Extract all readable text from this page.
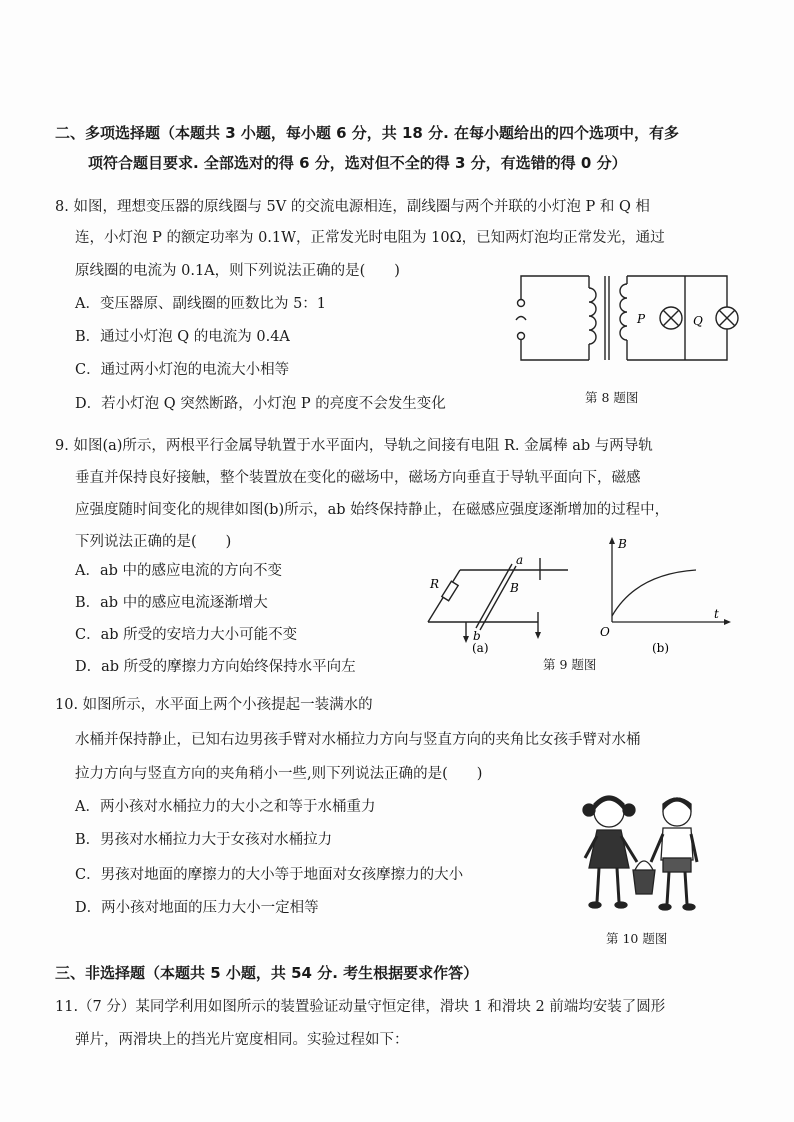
二、多项选择题（本题共 3 小题，每小题 6 分，共 18 分. 在每小题给出的四个选项中，有多
项符合题目要求. 全部选对的得 6 分，选对但不全的得 3 分，有选错的得 0 分）
8. 如图，理想变压器的原线圈与 5V 的交流电源相连，副线圈与两个并联的小灯泡 P 和 Q 相
连，小灯泡 P 的额定功率为 0.1W，正常发光时电阻为 10Ω，已知两灯泡均正常发光，通过
原线圈的电流为 0.1A，则下列说法正确的是(　　)
A．变压器原、副线圈的匝数比为 5：1
B．通过小灯泡 Q 的电流为 0.4A
C．通过两小灯泡的电流大小相等
D．若小灯泡 Q 突然断路，小灯泡 P 的亮度不会发生变化
P	Q
第 8 题图
9. 如图(a)所示，两根平行金属导轨置于水平面内，导轨之间接有电阻 R. 金属棒 ab 与两导轨
垂直并保持良好接触，整个装置放在变化的磁场中，磁场方向垂直于导轨平面向下，磁感
应强度随时间变化的规律如图(b)所示，ab 始终保持静止，在磁感应强度逐渐增加的过程中，
下列说法正确的是(　　)
A．ab 中的感应电流的方向不变
B．ab 中的感应电流逐渐增大
C．ab 所受的安培力大小可能不变
D．ab 所受的摩擦力方向始终保持水平向左
R
a
b
B
(a)
B
t
O
(b)
第 9 题图
10. 如图所示，水平面上两个小孩提起一装满水的
水桶并保持静止，已知右边男孩手臂对水桶拉力方向与竖直方向的夹角比女孩手臂对水桶
拉力方向与竖直方向的夹角稍小一些,则下列说法正确的是(　　)
A．两小孩对水桶拉力的大小之和等于水桶重力
B．男孩对水桶拉力大于女孩对水桶拉力
C．男孩对地面的摩擦力的大小等于地面对女孩摩擦力的大小
D．两小孩对地面的压力大小一定相等
第 10 题图
三、非选择题（本题共 5 小题，共 54 分. 考生根据要求作答）
11.（7 分）某同学利用如图所示的装置验证动量守恒定律，滑块 1 和滑块 2 前端均安装了圆形
弹片，两滑块上的挡光片宽度相同。实验过程如下：
